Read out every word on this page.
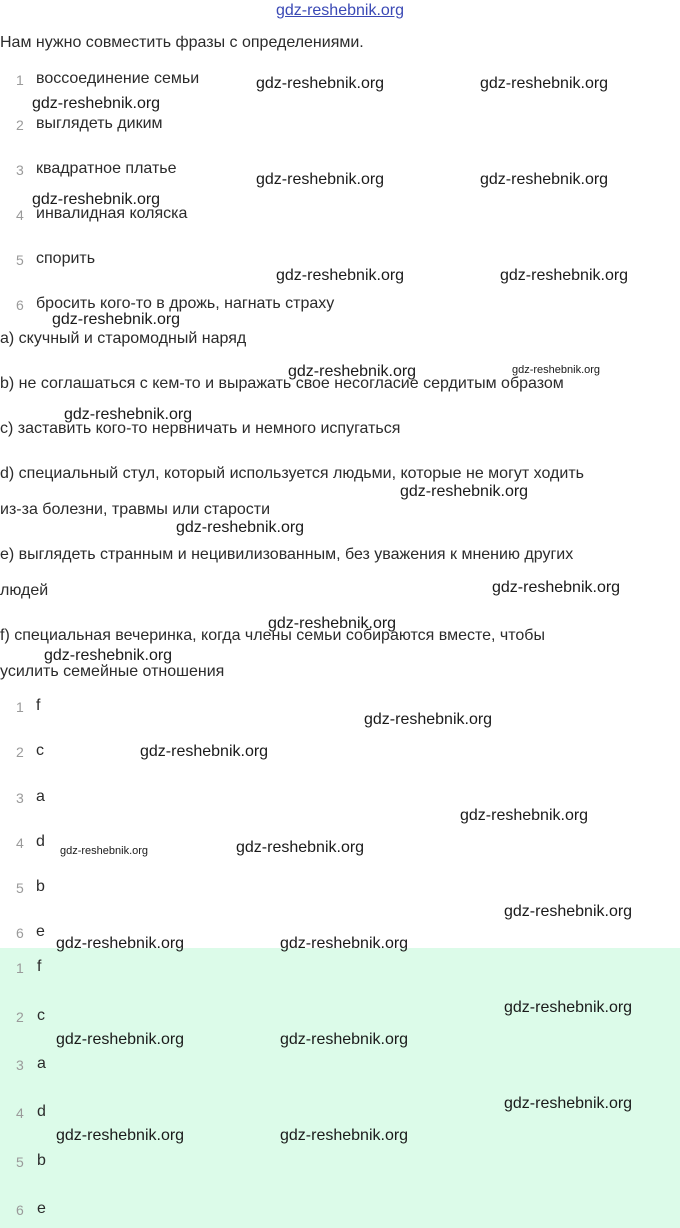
gdz-reshebnik.org
Нам нужно совместить фразы с определениями.
1 воссоединение семьи
2 выглядеть диким
3 квадратное платье
4 инвалидная коляска
5 спорить
6 бросить кого-то в дрожь, нагнать страху
a) скучный и старомодный наряд
b) не соглашаться с кем-то и выражать свое несогласие сердитым образом
c) заставить кого-то нервничать и немного испугаться
d) специальный стул, который используется людьми, которые не могут ходить
из-за болезни, травмы или старости
e) выглядеть странным и нецивилизованным, без уважения к мнению других
людей
f) специальная вечеринка, когда члены семьи собираются вместе, чтобы
усилить семейные отношения
1 f
2 c
3 a
4 d
5 b
6 e
1 f
2 c
3 a
4 d
5 b
6 e
gdz-reshebnik.org	gdz-reshebnik.org
gdz-reshebnik.org
gdz-reshebnik.org	gdz-reshebnik.org
gdz-reshebnik.org
gdz-reshebnik.org	gdz-reshebnik.org
gdz-reshebnik.org
gdz-reshebnik.org	gdz-reshebnik.org
gdz-reshebnik.org
gdz-reshebnik.org
gdz-reshebnik.org
gdz-reshebnik.org
gdz-reshebnik.org
gdz-reshebnik.org
gdz-reshebnik.org
gdz-reshebnik.org
gdz-reshebnik.org
gdz-reshebnik.org	gdz-reshebnik.org
gdz-reshebnik.org
gdz-reshebnik.org	gdz-reshebnik.org
gdz-reshebnik.org
gdz-reshebnik.org	gdz-reshebnik.org
gdz-reshebnik.org
gdz-reshebnik.org	gdz-reshebnik.org
